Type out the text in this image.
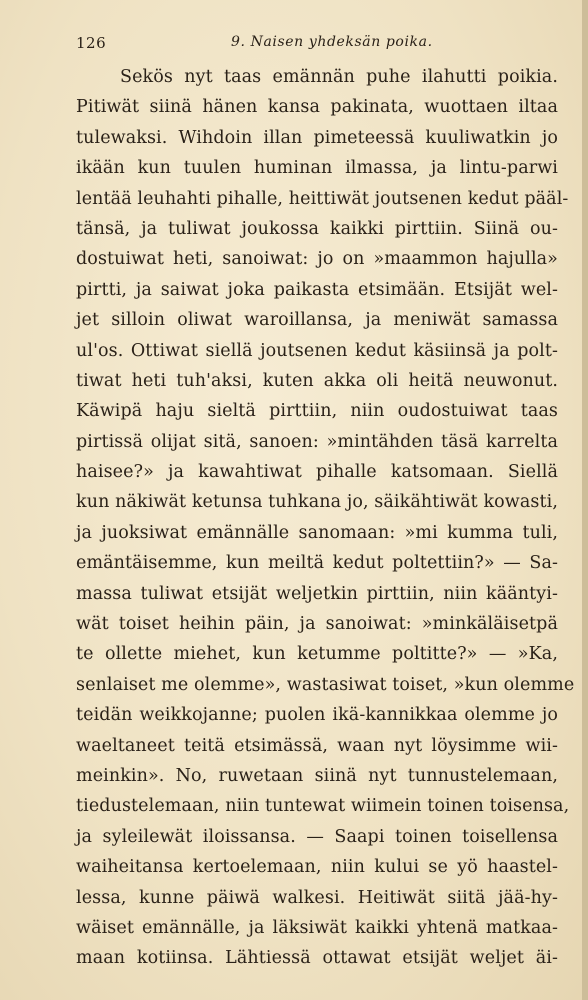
126	9. Naisen yhdeksän poika.
Sekös nyt taas emännän puhe ilahutti poikia.
Pitiwät siinä hänen kansa pakinata, wuottaen iltaa
tulewaksi. Wihdoin illan pimeteessä kuuliwatkin jo
ikään kun tuulen huminan ilmassa, ja lintu-parwi
lentää leuhahti pihalle, heittiwät joutsenen kedut pääl-
tänsä, ja tuliwat joukossa kaikki pirttiin. Siinä ou-
dostuiwat heti, sanoiwat: jo on »maammon hajulla»
pirtti, ja saiwat joka paikasta etsimään. Etsijät wel-
jet silloin oliwat waroillansa, ja meniwät samassa
ul'os. Ottiwat siellä joutsenen kedut käsiinsä ja polt-
tiwat heti tuh'aksi, kuten akka oli heitä neuwonut.
Käwipä haju sieltä pirttiin, niin oudostuiwat taas
pirtissä olijat sitä, sanoen: »mintähden täsä karrelta
haisee?» ja kawahtiwat pihalle katsomaan. Siellä
kun näkiwät ketunsa tuhkana jo, säikähtiwät kowasti,
ja juoksiwat emännälle sanomaan: »mi kumma tuli,
emäntäisemme, kun meiltä kedut poltettiin?» — Sa-
massa tuliwat etsijät weljetkin pirttiin, niin kääntyi-
wät toiset heihin päin, ja sanoiwat: »minkäläisetpä
te ollette miehet, kun ketumme poltitte?» — »Ka,
senlaiset me olemme», wastasiwat toiset, »kun olemme
teidän weikkojanne; puolen ikä-kannikkaa olemme jo
waeltaneet teitä etsimässä, waan nyt löysimme wii-
meinkin». No, ruwetaan siinä nyt tunnustelemaan,
tiedustelemaan, niin tuntewat wiimein toinen toisensa,
ja syleilewät iloissansa. — Saapi toinen toisellensa
waiheitansa kertoelemaan, niin kului se yö haastel-
lessa, kunne päiwä walkesi. Heitiwät siitä jää-hy-
wäiset emännälle, ja läksiwät kaikki yhtenä matkaa-
maan kotiinsa. Lähtiessä ottawat etsijät weljet äi-
